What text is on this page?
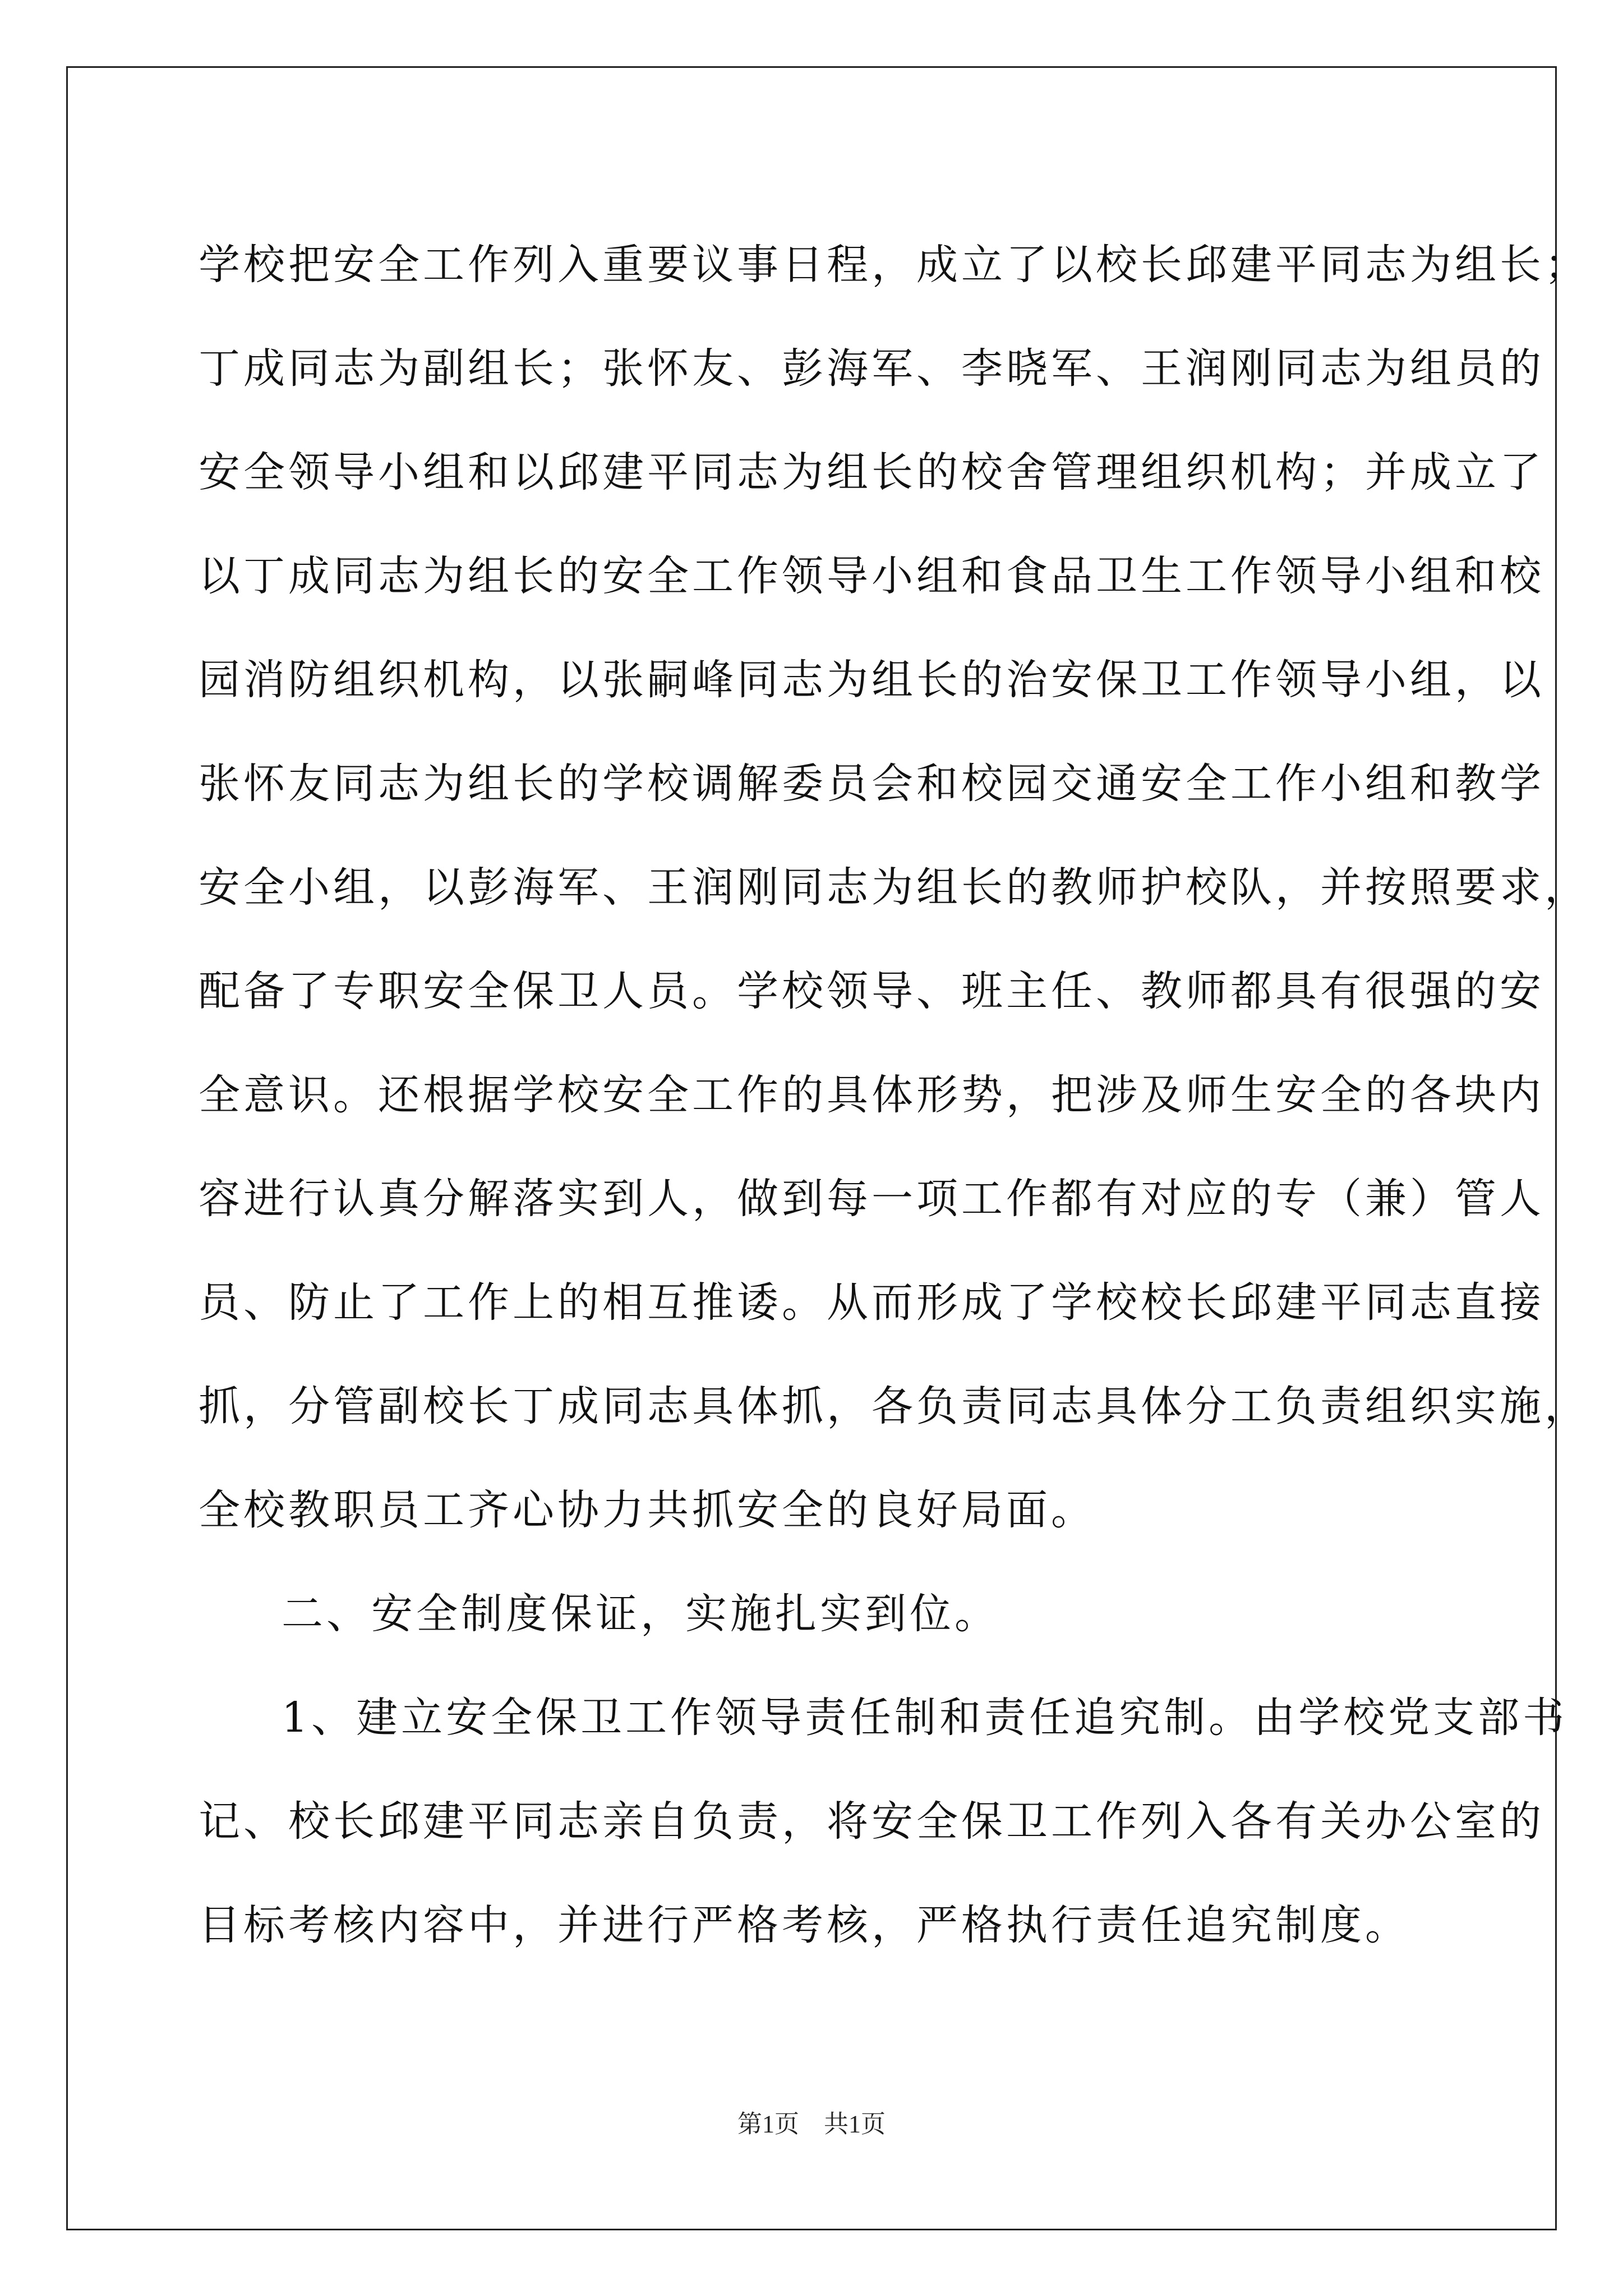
学校把安全工作列入重要议事日程，成立了以校长邱建平同志为组长；
丁成同志为副组长；张怀友、彭海军、李晓军、王润刚同志为组员的
安全领导小组和以邱建平同志为组长的校舍管理组织机构；并成立了
以丁成同志为组长的安全工作领导小组和食品卫生工作领导小组和校
园消防组织机构，以张嗣峰同志为组长的治安保卫工作领导小组，以
张怀友同志为组长的学校调解委员会和校园交通安全工作小组和教学
安全小组，以彭海军、王润刚同志为组长的教师护校队，并按照要求，
配备了专职安全保卫人员。学校领导、班主任、教师都具有很强的安
全意识。还根据学校安全工作的具体形势，把涉及师生安全的各块内
容进行认真分解落实到人，做到每一项工作都有对应的专（兼）管人
员、防止了工作上的相互推诿。从而形成了学校校长邱建平同志直接
抓，分管副校长丁成同志具体抓，各负责同志具体分工负责组织实施，
全校教职员工齐心协力共抓安全的良好局面。
二、安全制度保证，实施扎实到位。
1、建立安全保卫工作领导责任制和责任追究制。由学校党支部书
记、校长邱建平同志亲自负责，将安全保卫工作列入各有关办公室的
目标考核内容中，并进行严格考核，严格执行责任追究制度。
第1页　共1页
